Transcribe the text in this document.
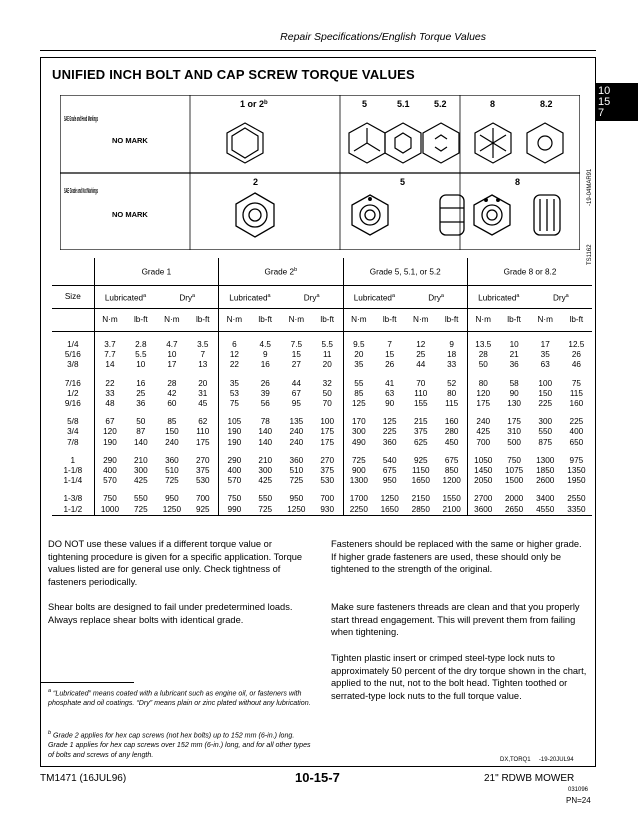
Repair Specifications/English Torque Values
10
15
7
UNIFIED INCH BOLT AND CAP SCREW TORQUE VALUES
1 or 2$^b$	5	5.1	5.2	8	8.2
SAE Grade and Head Markings
NO MARK
SAE Grade and Nut Markings
NO MARK
2	5	8	-19-04MAR91
TS1162
	Grade 1				Grade 2$^b$				Grade 5, 5.1, or 5.2				Grade 8 or 8.2			
Size	Lubricated$^a$		Dry$^a$		Lubricated$^a$		Dry$^a$		Lubricated$^a$		Dry$^a$		Lubricated$^a$		Dry$^a$
	N·m	lb-ft	N·m	lb-ft	N·m	lb-ft	N·m	lb-ft	N·m	lb-ft	N·m	lb-ft	N·m	lb-ft	N·m	lb-ft

1/4	3.7	2.8	4.7	3.5	6	4.5	7.5	5.5	9.5	7	12	9	13.5	10	17	12.5
5/16	7.7	5.5	10	7	12	9	15	11	20	15	25	18	28	21	35	26
3/8	14	10	17	13	22	16	27	20	35	26	44	33	50	36	63	46

7/16	22	16	28	20	35	26	44	32	55	41	70	52	80	58	100	75
1/2	33	25	42	31	53	39	67	50	85	63	110	80	120	90	150	115
9/16	48	36	60	45	75	56	95	70	125	90	155	115	175	130	225	160

5/8	67	50	85	62	105	78	135	100	170	125	215	160	240	175	300	225
3/4	120	87	150	110	190	140	240	175	300	225	375	280	425	310	550	400
7/8	190	140	240	175	190	140	240	175	490	360	625	450	700	500	875	650

1	290	210	360	270	290	210	360	270	725	540	925	675	1050	750	1300	975
1-1/8	400	300	510	375	400	300	510	375	900	675	1150	850	1450	1075	1850	1350
1-1/4	570	425	725	530	570	425	725	530	1300	950	1650	1200	2050	1500	2600	1950

1-3/8	750	550	950	700	750	550	950	700	1700	1250	2150	1550	2700	2000	3400	2550
1-1/2	1000	725	1250	925	990	725	1250	930	2250	1650	2850	2100	3600	2650	4550	3350
DO NOT use these values if a different torque value or tightening procedure is given for a specific application. Torque values listed are for general use only. Check tightness of fasteners periodically.
Shear bolts are designed to fail under predetermined loads. Always replace shear bolts with identical grade.
Fasteners should be replaced with the same or higher grade. If higher grade fasteners are used, these should only be tightened to the strength of the original.
Make sure fasteners threads are clean and that you properly start thread engagement. This will prevent them from failing when tightening.
Tighten plastic insert or crimped steel-type lock nuts to approximately 50 percent of the dry torque shown in the chart, applied to the nut, not to the bolt head. Tighten toothed or serrated-type lock nuts to the full torque value.
$^a$ “Lubricated” means coated with a lubricant such as engine oil, or fasteners with phosphate and oil coatings. “Dry” means plain or zinc plated without any lubrication.
$^b$ Grade 2 applies for hex cap screws (not hex bolts) up to 152 mm (6-in.) long. Grade 1 applies for hex cap screws over 152 mm (6-in.) long, and for all other types of bolts and screws of any length.
DX,TORQ1 -19-20JUL94
TM1471 (16JUL96)	10-15-7	21" RDWB MOWER
031096
PN=24
